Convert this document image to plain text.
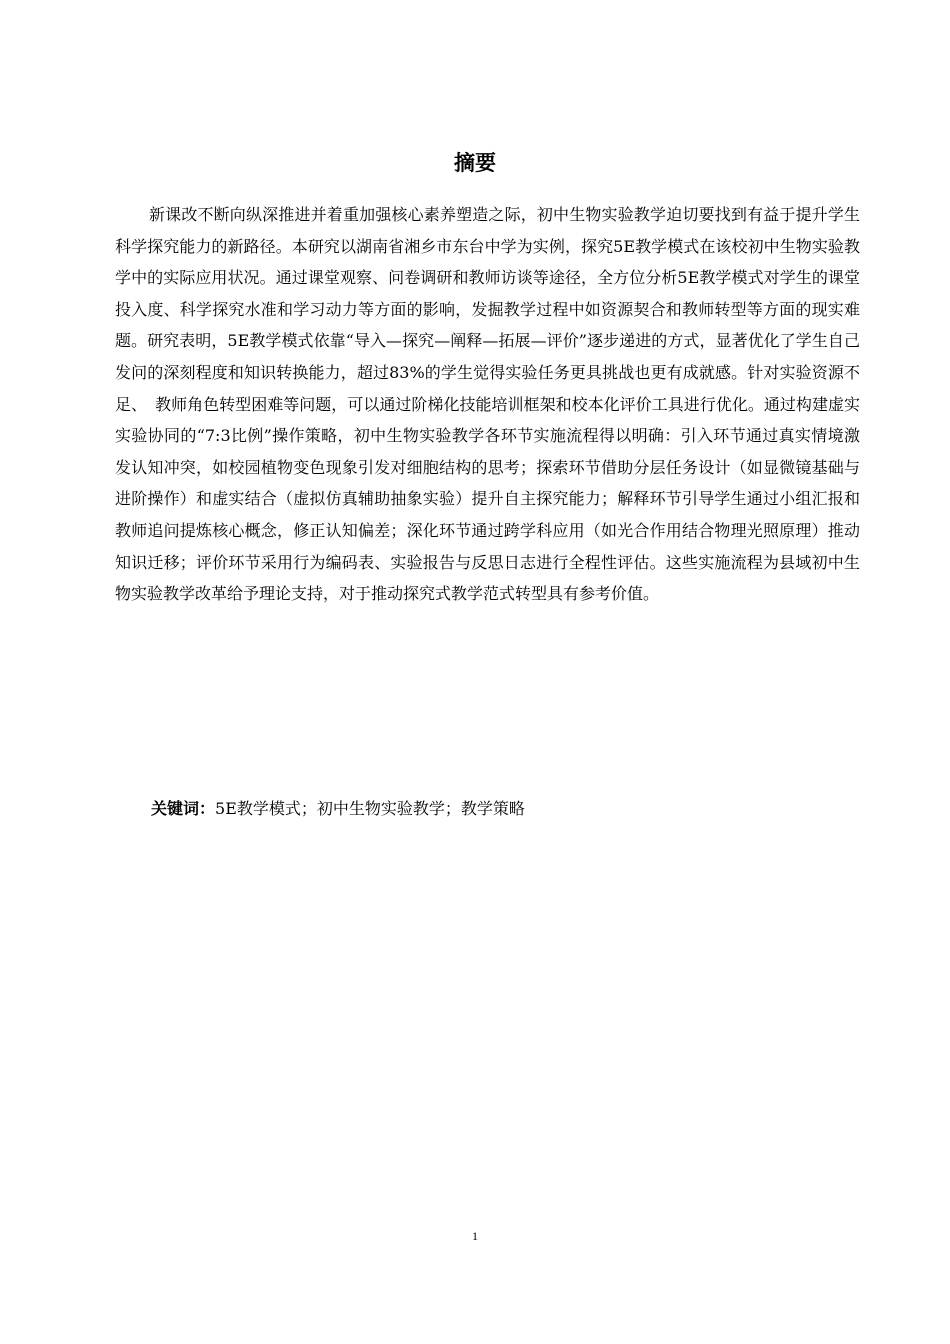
摘要

新课改不断向纵深推进并着重加强核心素养塑造之际，初中生物实验教学迫切要找到有益于提升学生科学探究能力的新路径。本研究以湖南省湘乡市东台中学为实例，探究5E教学模式在该校初中生物实验教学中的实际应用状况。通过课堂观察、问卷调研和教师访谈等途径，全方位分析5E教学模式对学生的课堂投入度、科学探究水准和学习动力等方面的影响，发掘教学过程中如资源契合和教师转型等方面的现实难题。研究表明，5E教学模式依靠“导入—探究—阐释—拓展—评价”逐步递进的方式，显著优化了学生自己发问的深刻程度和知识转换能力，超过83%的学生觉得实验任务更具挑战也更有成就感。针对实验资源不足、　教师角色转型困难等问题，可以通过阶梯化技能培训框架和校本化评价工具进行优化。通过构建虚实实验协同的“7:3比例”操作策略，初中生物实验教学各环节实施流程得以明确：引入环节通过真实情境激发认知冲突，如校园植物变色现象引发对细胞结构的思考；探索环节借助分层任务设计（如显微镜基础与进阶操作）和虚实结合（虚拟仿真辅助抽象实验）提升自主探究能力；解释环节引导学生通过小组汇报和教师追问提炼核心概念，修正认知偏差；深化环节通过跨学科应用（如光合作用结合物理光照原理）推动知识迁移；评价环节采用行为编码表、实验报告与反思日志进行全程性评估。这些实施流程为县域初中生物实验教学改革给予理论支持，对于推动探究式教学范式转型具有参考价值。

关键词：5E教学模式；初中生物实验教学；教学策略

1
